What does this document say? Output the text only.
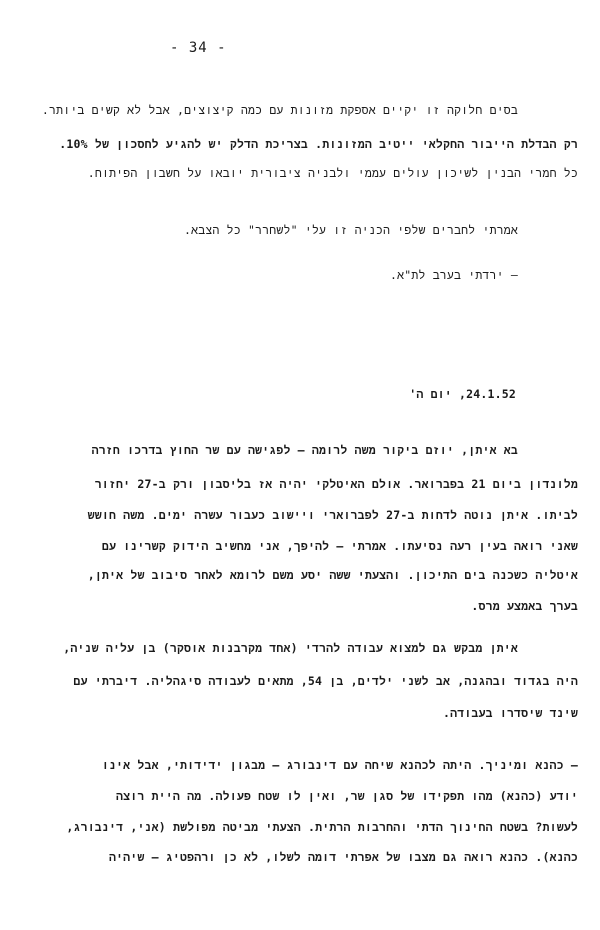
- 34 -
בסים חלוקה זו יקיים אספקת מזונות עם כמה קיצוצים, אבל לא קשים ביותר.
רק הבדלת הייבור החקלאי ייטיב המזונות. בצריכת הדלק יש להגיע לחסכון של 10%.
כל חמרי הבנין לשיכון עולים עממי ולבניה ציבורית יובאו על חשבון הפיתוח.
אמרתי לחברים שלפי הכניה זו עלי "לשחרר" כל הצבא.
– ירדתי בערב לת"א.
24.1.52, יום ה'
בא איתן, יוזם ביקור משה לרומה – לפגישה עם שר החוץ בדרכו חזרה
מלונדון ביום 21 בפברואר. אולם האיטלקי יהיה אז בליסבון ורק ב-27 יחזור
לביתו. איתן נוטה לדחות ב-27 לפברוארי ויישוב כעבור עשרה ימים. משה חושש
שאני רואה בעין רעה נסיעתו. אמרתי — להיפך, אני מחשיב הידוק קשרינו עם
איטליה כשכנה בים התיכון. והצעתי ששה יסע משם לרומא לאחר סיבוב של איתן,
בערך באמצע מרס.
איתן מבקש גם למצוא עבודה להרדי (אחד מקרבנות אוסקר) בן עליה שניה,
היה בגדוד ובהגנה, אב לשני ילדים, בן 54, מתאים לעבודה סיגהליה. דיברתי עם
שינד שיסדרו בעבודה.
– כהנא ומיניך. היתה לכהנא שיחה עם דינבורג – מבגון ידידותי, אבל אינו
יודע (כהנא) מהו תפקידו של סגן שר, ואין לו שטח פעולה. מה היית רוצה
לעשות? בשטח החינוך הדתי והחרבות הרתית. הצעתי מביטה מפולשת (אני, דינבורג,
כהנא). כהנא רואה גם מצבו של אפרתי דומה לשלו, לא כן ורהפטיג – שיהיה
